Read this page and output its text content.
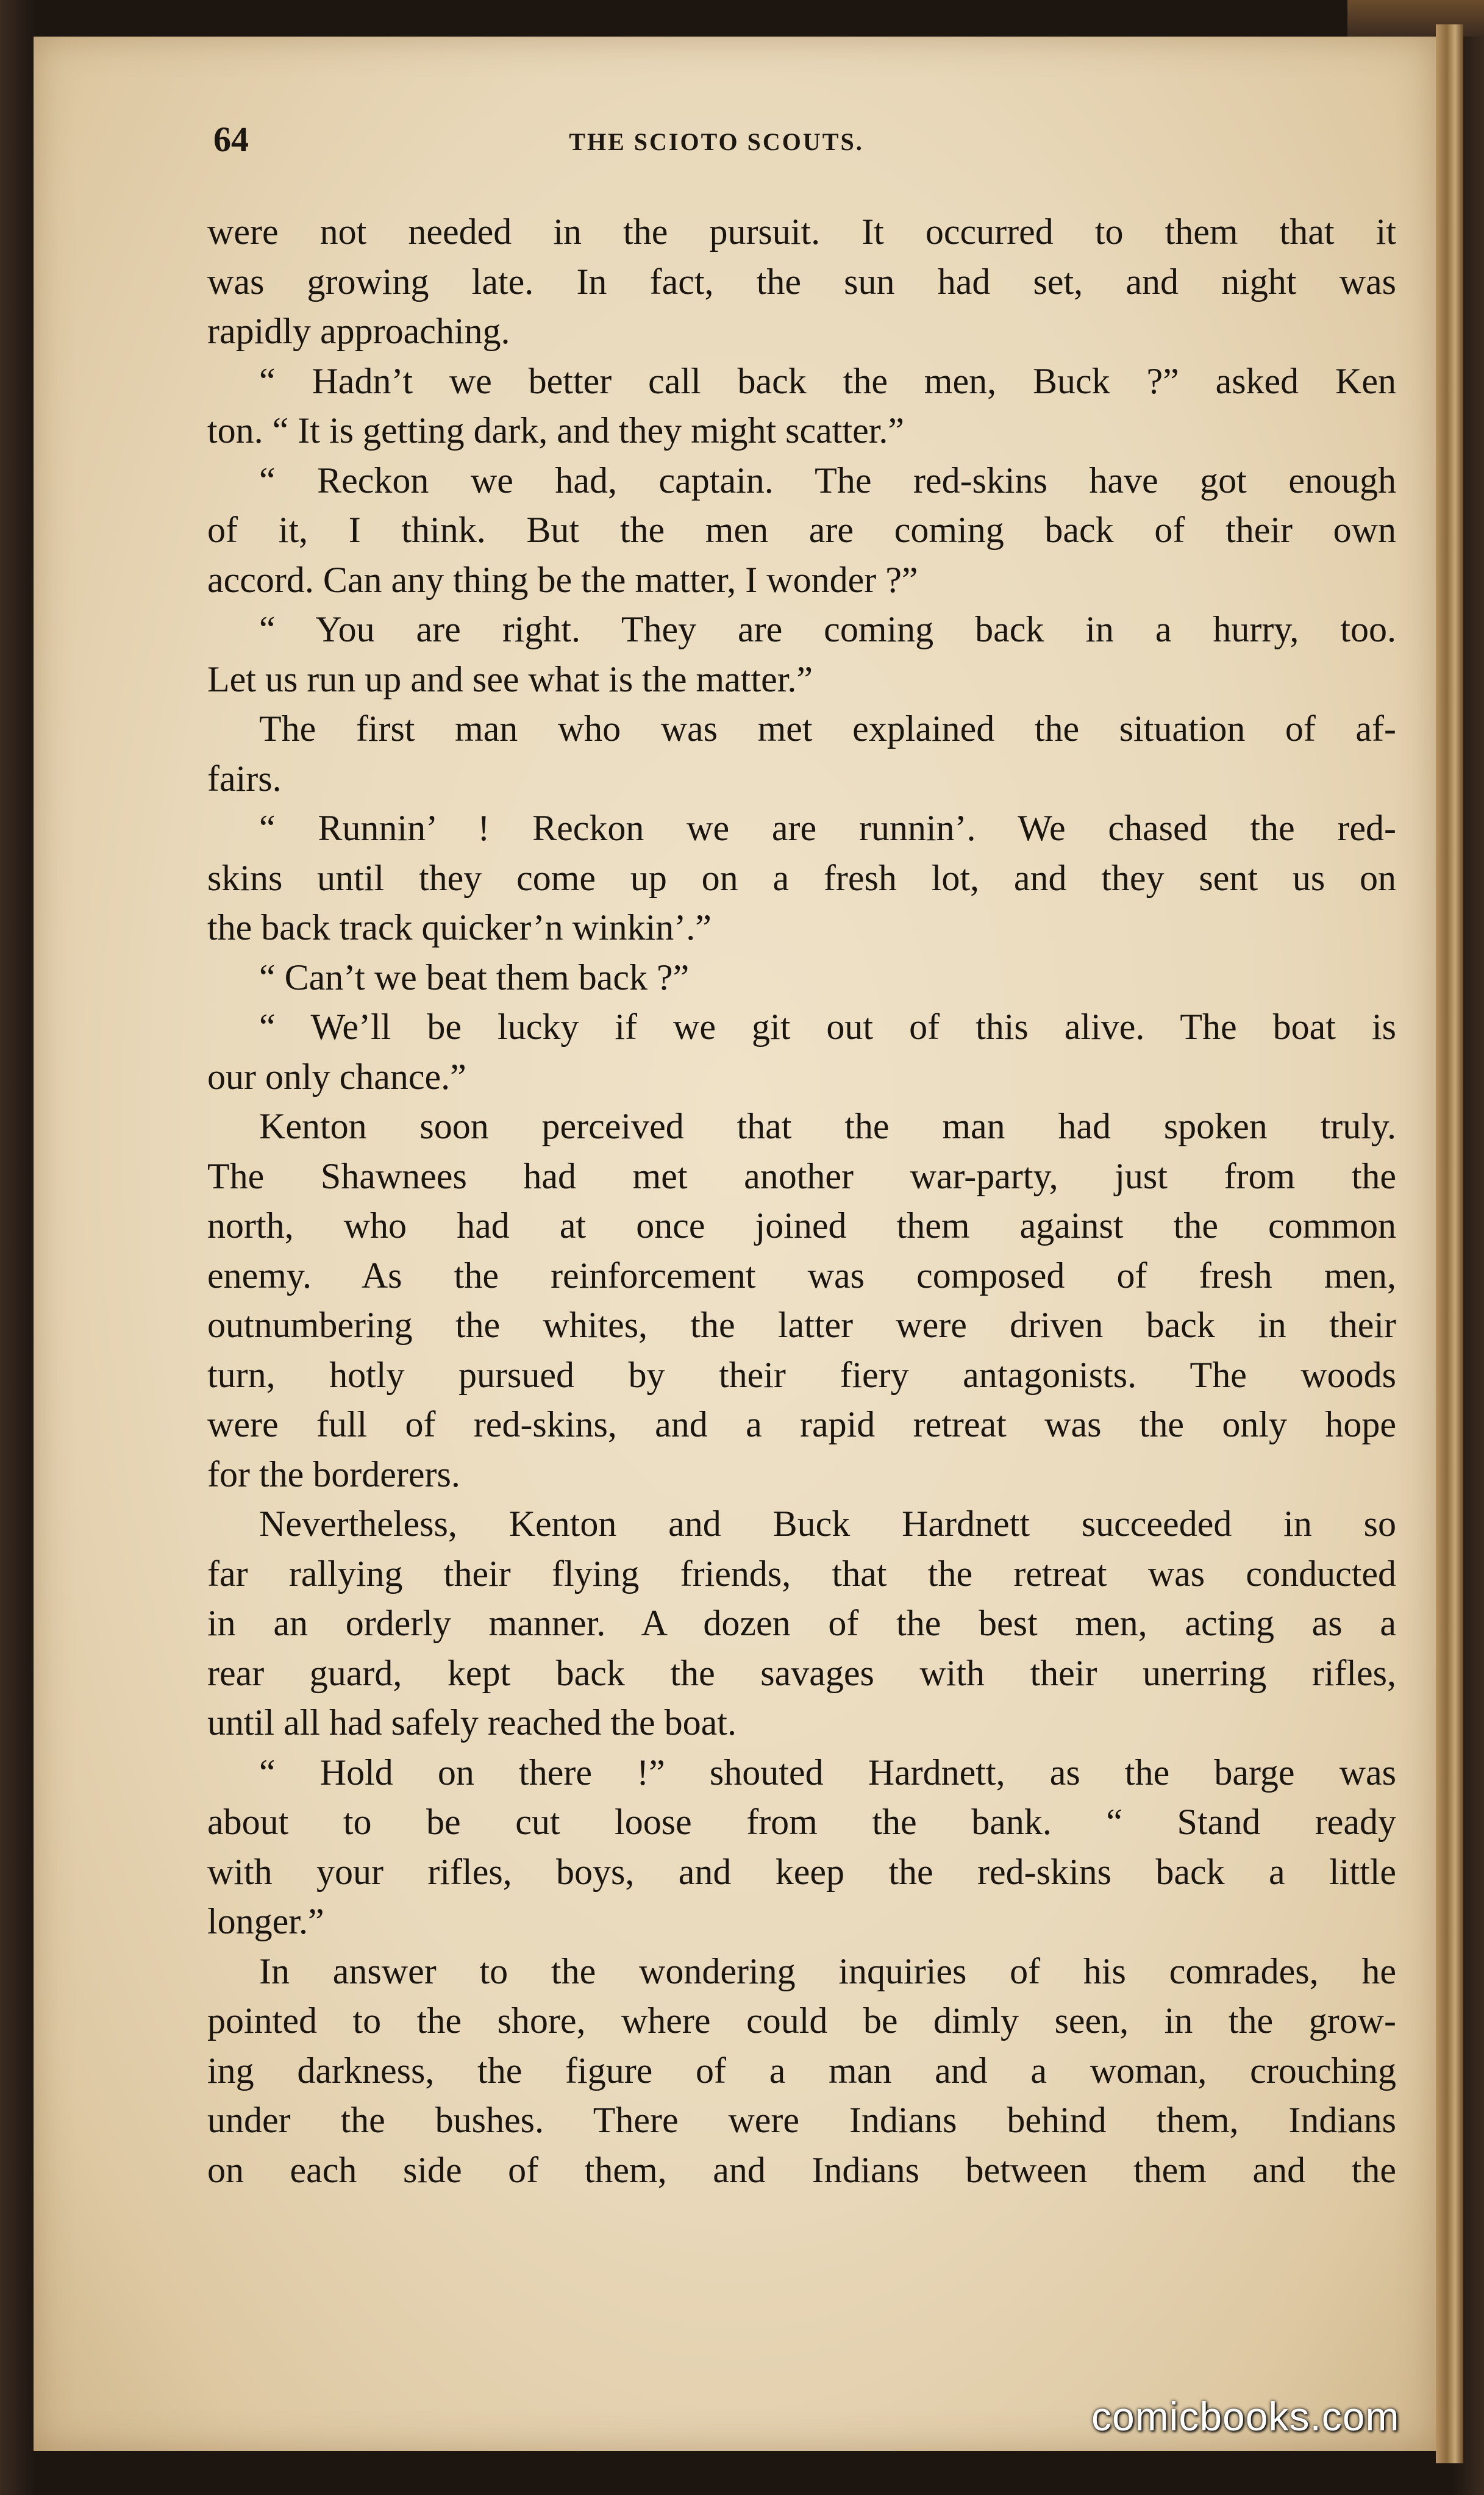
64	THE SCIOTO SCOUTS.
were not needed in the pursuit. It occurred to them that it
was growing late. In fact, the sun had set, and night was
rapidly approaching.
“ Hadn’t we better call back the men, Buck ?” asked Ken
ton. “ It is getting dark, and they might scatter.”
“ Reckon we had, captain. The red-skins have got enough
of it, I think. But the men are coming back of their own
accord. Can any thing be the matter, I wonder ?”
“ You are right. They are coming back in a hurry, too.
Let us run up and see what is the matter.”
The first man who was met explained the situation of af-
fairs.
“ Runnin’ ! Reckon we are runnin’. We chased the red-
skins until they come up on a fresh lot, and they sent us on
the back track quicker’n winkin’.”
“ Can’t we beat them back ?”
“ We’ll be lucky if we git out of this alive. The boat is
our only chance.”
Kenton soon perceived that the man had spoken truly.
The Shawnees had met another war-party, just from the
north, who had at once joined them against the common
enemy. As the reinforcement was composed of fresh men,
outnumbering the whites, the latter were driven back in their
turn, hotly pursued by their fiery antagonists. The woods
were full of red-skins, and a rapid retreat was the only hope
for the borderers.
Nevertheless, Kenton and Buck Hardnett succeeded in so
far rallying their flying friends, that the retreat was conducted
in an orderly manner. A dozen of the best men, acting as a
rear guard, kept back the savages with their unerring rifles,
until all had safely reached the boat.
“ Hold on there !” shouted Hardnett, as the barge was
about to be cut loose from the bank. “ Stand ready
with your rifles, boys, and keep the red-skins back a little
longer.”
In answer to the wondering inquiries of his comrades, he
pointed to the shore, where could be dimly seen, in the grow-
ing darkness, the figure of a man and a woman, crouching
under the bushes. There were Indians behind them, Indians
on each side of them, and Indians between them and the
comicbooks.com
